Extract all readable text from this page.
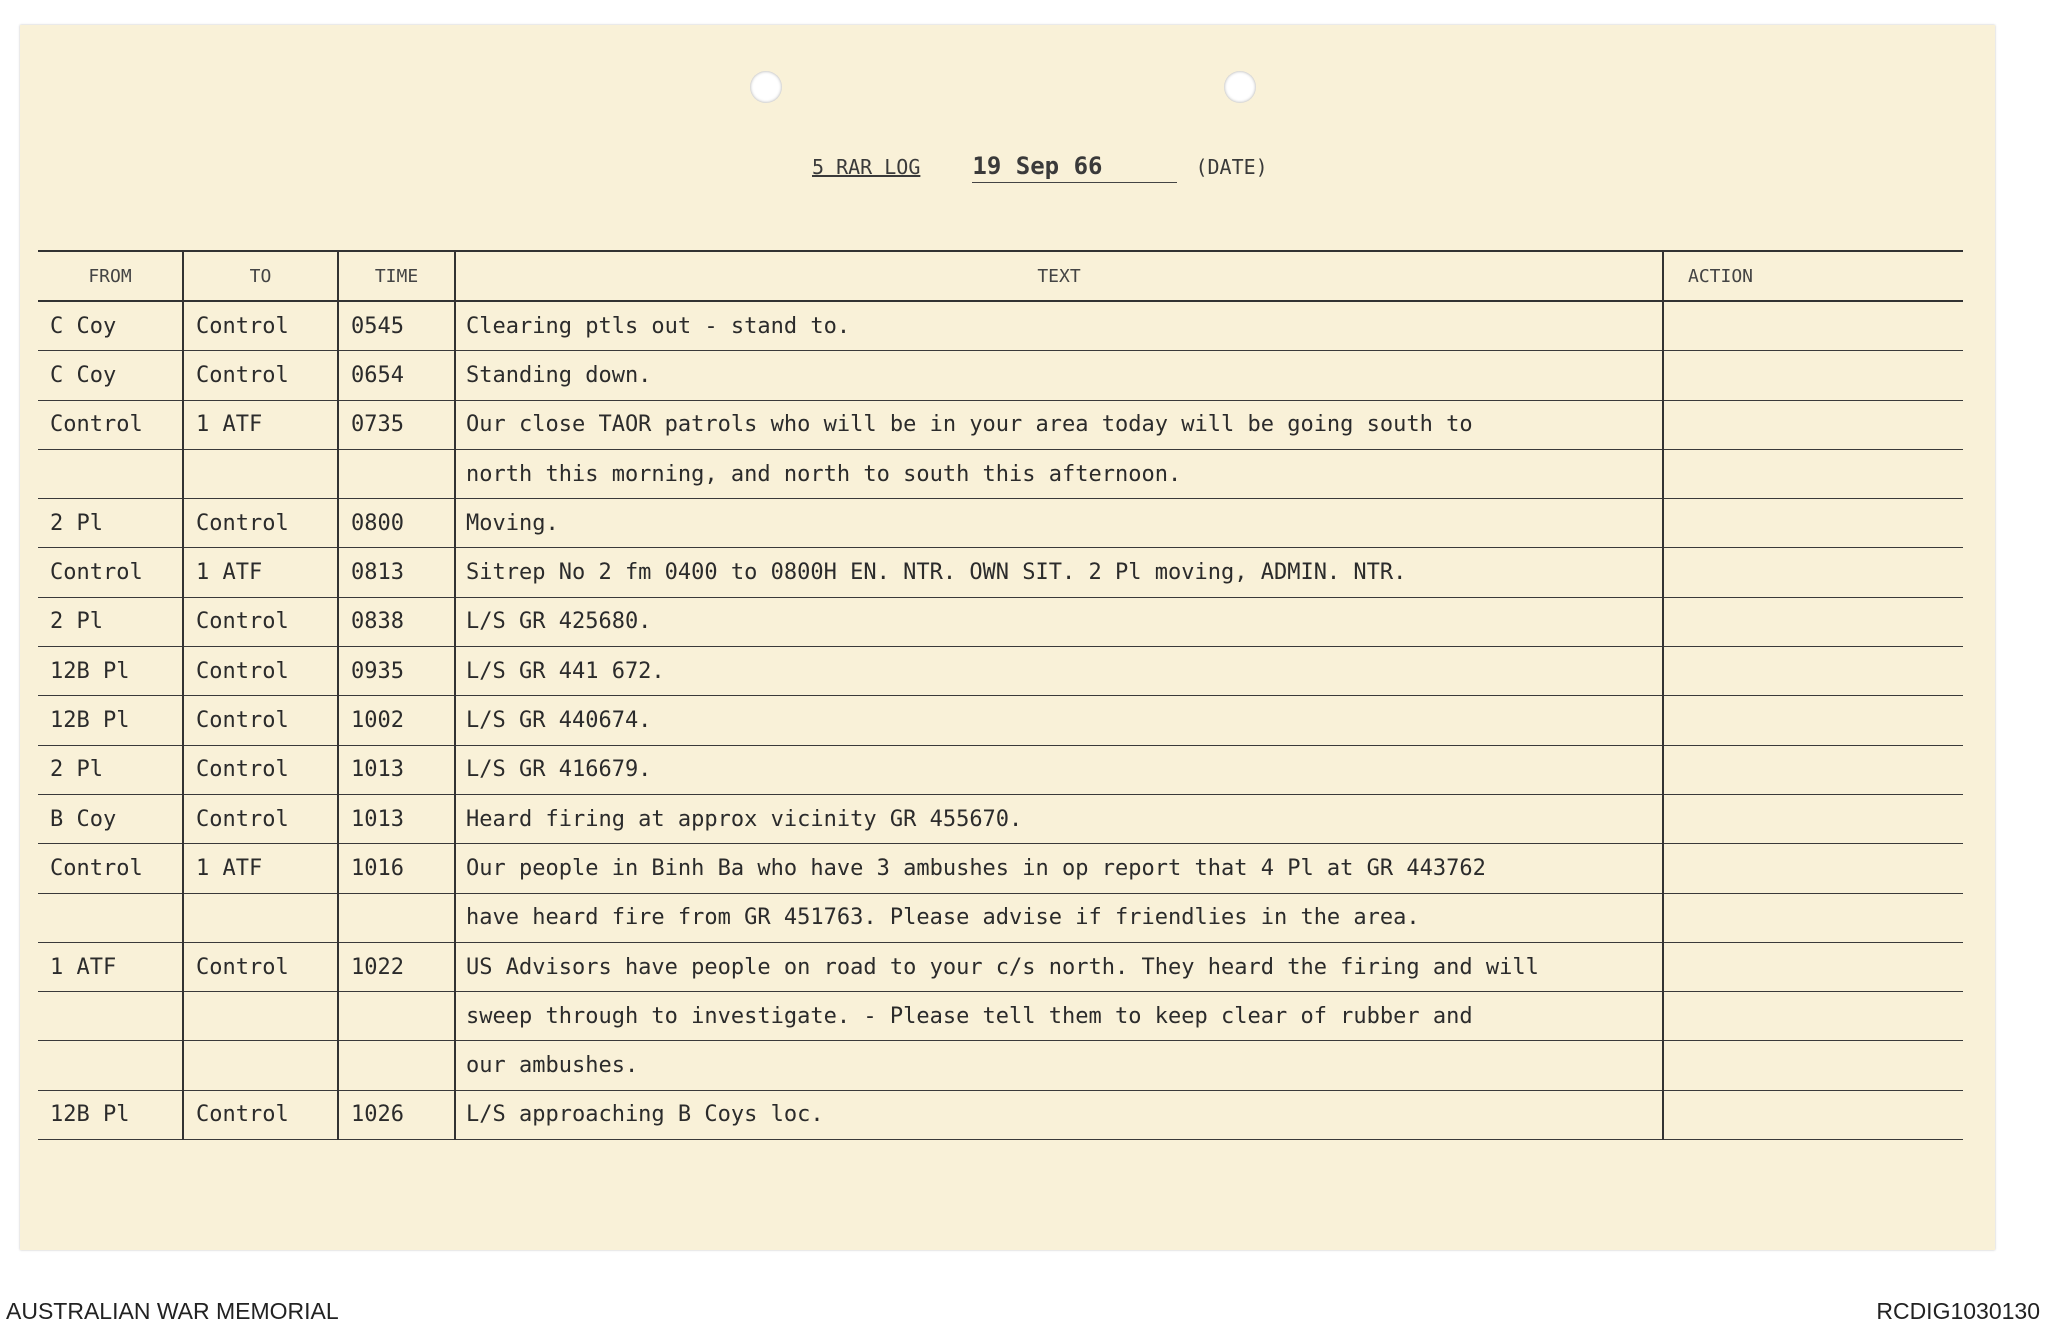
5 RAR LOG 19 Sep 66	(DATE)
FROM	TO	TIME	TEXT	ACTION
C Coy	Control	0545	Clearing ptls out - stand to.	
C Coy	Control	0654	Standing down.	
Control	1 ATF	0735	Our close TAOR patrols who will be in your area today will be going south to	
			north this morning, and north to south this afternoon.	
2 Pl	Control	0800	Moving.	
Control	1 ATF	0813	Sitrep No 2 fm 0400 to 0800H EN. NTR. OWN SIT. 2 Pl moving, ADMIN. NTR.	
2 Pl	Control	0838	L/S GR 425680.	
12B Pl	Control	0935	L/S GR 441 672.	
12B Pl	Control	1002	L/S GR 440674.	
2 Pl	Control	1013	L/S GR 416679.	
B Coy	Control	1013	Heard firing at approx vicinity GR 455670.	
Control	1 ATF	1016	Our people in Binh Ba who have 3 ambushes in op report that 4 Pl at GR 443762	
			have heard fire from GR 451763. Please advise if friendlies in the area.	
1 ATF	Control	1022	US Advisors have people on road to your c/s north. They heard the firing and will	
			sweep through to investigate. - Please tell them to keep clear of rubber and	
			our ambushes.	
12B Pl	Control	1026	L/S approaching B Coys loc.	
AUSTRALIAN WAR MEMORIAL	RCDIG1030130
